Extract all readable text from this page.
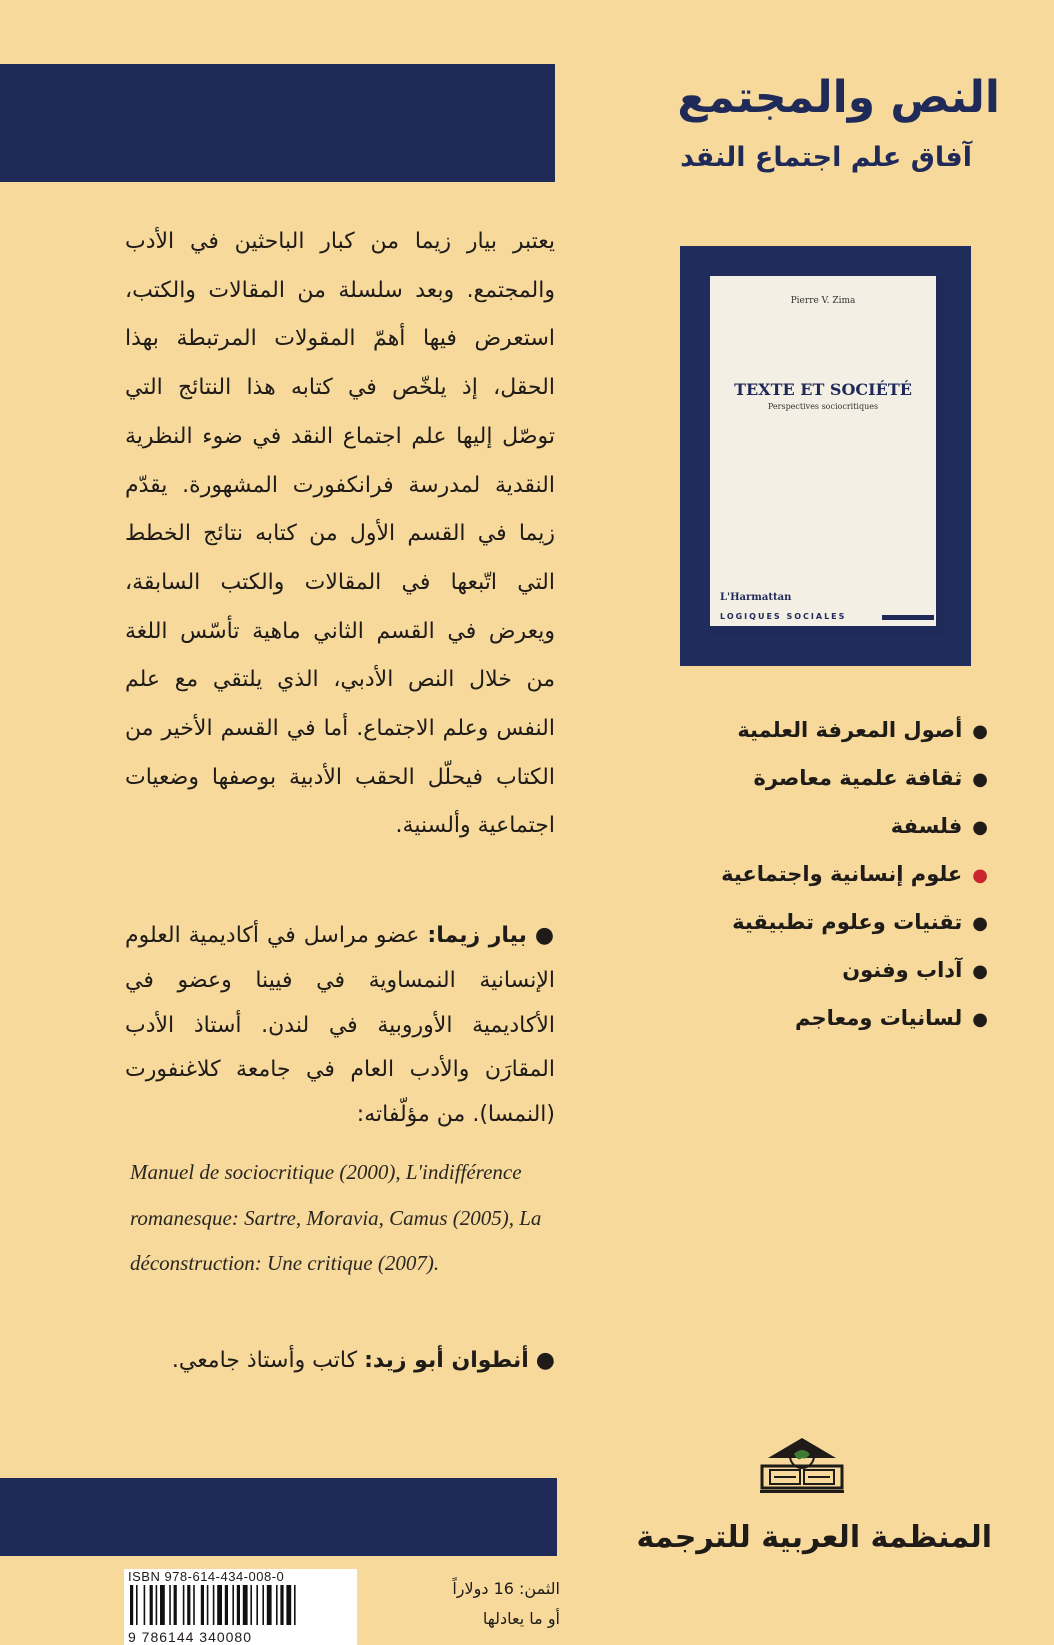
النص والمجتمع
آفاق علم اجتماع النقد
Pierre V. Zima
TEXTE ET SOCIÉTÉ
Perspectives sociocritiques
L'Harmattan
LOGIQUES SOCIALES
●أصول المعرفة العلمية
●ثقافة علمية معاصرة
●فلسفة
●علوم إنسانية واجتماعية
●تقنيات وعلوم تطبيقية
●آداب وفنون
●لسانيات ومعاجم
يعتبر بيار زيما من كبار الباحثين في الأدب والمجتمع. وبعد سلسلة من المقالات والكتب، استعرض فيها أهمّ المقولات المرتبطة بهذا الحقل، إذ يلخّص في كتابه هذا النتائج التي توصّل إليها علم اجتماع النقد في ضوء النظرية النقدية لمدرسة فرانكفورت المشهورة. يقدّم زيما في القسم الأول من كتابه نتائج الخطط التي اتّبعها في المقالات والكتب السابقة، ويعرض في القسم الثاني ماهية تأسّس اللغة من خلال النص الأدبي، الذي يلتقي مع علم النفس وعلم الاجتماع. أما في القسم الأخير من الكتاب فيحلّل الحقب الأدبية بوصفها وضعيات اجتماعية وألسنية.
● بيار زيما: عضو مراسل في أكاديمية العلوم الإنسانية النمساوية في فيينا وعضو في الأكاديمية الأوروبية في لندن. أستاذ الأدب المقارَن والأدب العام في جامعة كلاغنفورت (النمسا). من مؤلّفاته:
Manuel de sociocritique (2000), L'indifférence romanesque: Sartre, Moravia, Camus (2005), La déconstruction: Une critique (2007).
● أنطوان أبو زيد: كاتب وأستاذ جامعي.
المنظمة العربية للترجمة
ISBN 978-614-434-008-0
9 786144 340080
الثمن: 16 دولاراً
أو ما يعادلها
